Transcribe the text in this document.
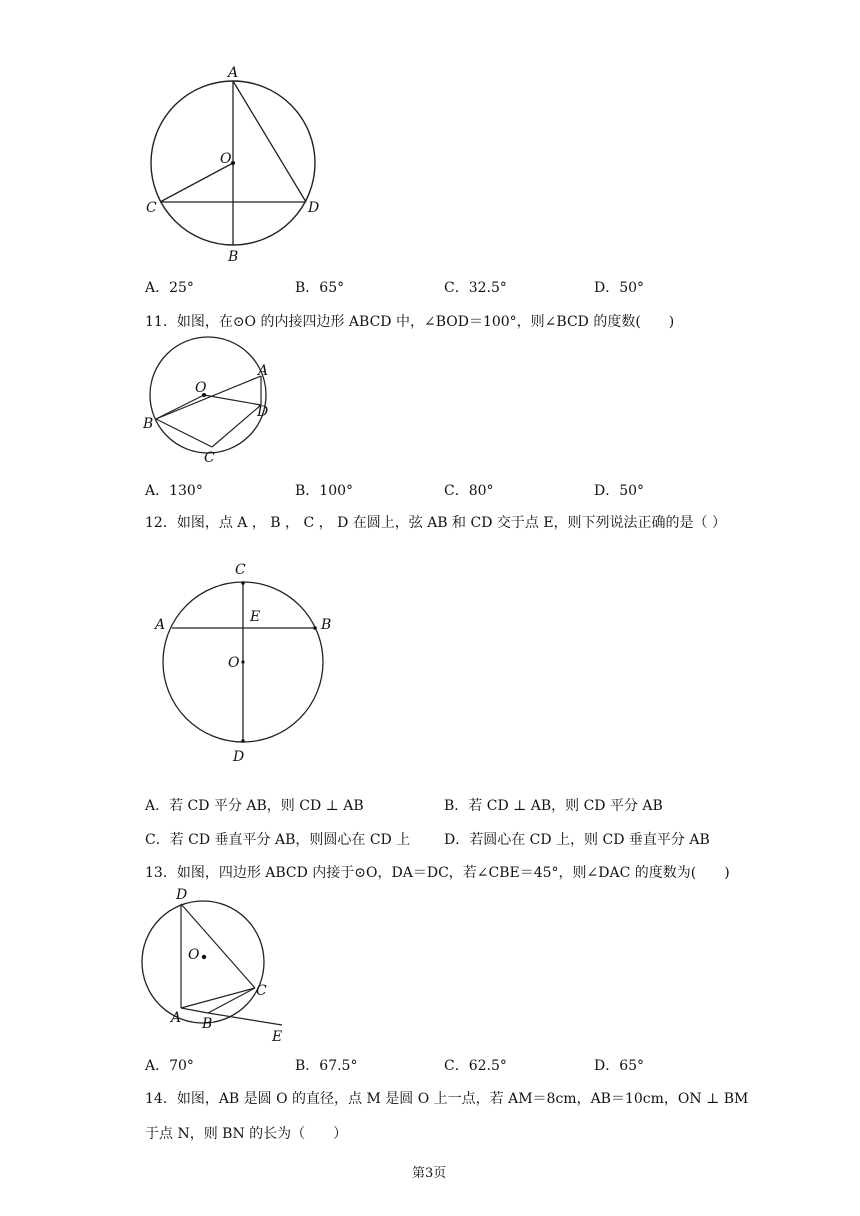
A
O
C	D
B
A．25°	B．65°	C．32.5°	D．50°
11．如图，在⊙O 的内接四边形 ABCD 中，∠BOD＝100°，则∠BCD 的度数(　　)
O
A
D
B
C
A．130°	B．100°	C．80°	D．50°
12．如图，点 A ， B ， C ， D 在圆上，弦 AB 和 CD 交于点 E，则下列说法正确的是（ ）
C
A	E	B
O
D
A．若 CD 平分 AB，则 CD ⊥ AB	B．若 CD ⊥ AB，则 CD 平分 AB
C．若 CD 垂直平分 AB，则圆心在 CD 上 D．若圆心在 CD 上，则 CD 垂直平分 AB
13．如图，四边形 ABCD 内接于⊙O，DA＝DC，若∠CBE＝45°，则∠DAC 的度数为(　　)
D
O
C
A B
E
A．70°	B．67.5°	C．62.5°	D．65°
14．如图，AB 是圆 O 的直径，点 M 是圆 O 上一点，若 AM＝8cm，AB＝10cm，ON ⊥ BM
于点 N，则 BN 的长为（　　）
第3页
